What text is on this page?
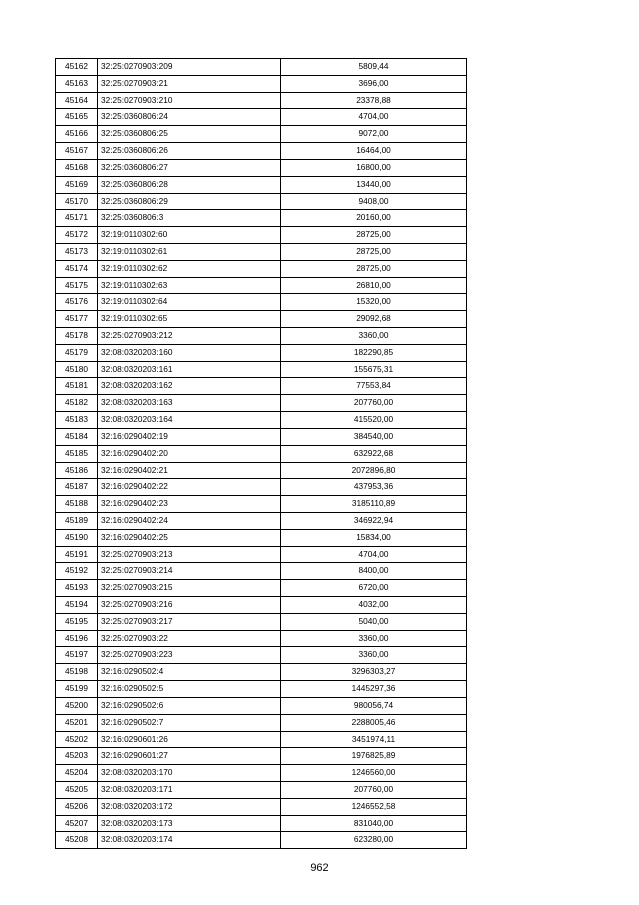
45162	32:25:0270903:209	5809,44
45163	32:25:0270903:21	3696,00
45164	32:25:0270903:210	23378,88
45165	32:25:0360806:24	4704,00
45166	32:25:0360806:25	9072,00
45167	32:25:0360806:26	16464,00
45168	32:25:0360806:27	16800,00
45169	32:25:0360806:28	13440,00
45170	32:25:0360806:29	9408,00
45171	32:25:0360806:3	20160,00
45172	32:19:0110302:60	28725,00
45173	32:19:0110302:61	28725,00
45174	32:19:0110302:62	28725,00
45175	32:19:0110302:63	26810,00
45176	32:19:0110302:64	15320,00
45177	32:19:0110302:65	29092,68
45178	32:25:0270903:212	3360,00
45179	32:08:0320203:160	182290,85
45180	32:08:0320203:161	155675,31
45181	32:08:0320203:162	77553,84
45182	32:08:0320203:163	207760,00
45183	32:08:0320203:164	415520,00
45184	32:16:0290402:19	384540,00
45185	32:16:0290402:20	632922,68
45186	32:16:0290402:21	2072896,80
45187	32:16:0290402:22	437953,36
45188	32:16:0290402:23	3185110,89
45189	32:16:0290402:24	346922,94
45190	32:16:0290402:25	15834,00
45191	32:25:0270903:213	4704,00
45192	32:25:0270903:214	8400,00
45193	32:25:0270903:215	6720,00
45194	32:25:0270903:216	4032,00
45195	32:25:0270903:217	5040,00
45196	32:25:0270903:22	3360,00
45197	32:25:0270903:223	3360,00
45198	32:16:0290502:4	3296303,27
45199	32:16:0290502:5	1445297,36
45200	32:16:0290502:6	980056,74
45201	32:16:0290502:7	2288005,46
45202	32:16:0290601:26	3451974,11
45203	32:16:0290601:27	1976825,89
45204	32:08:0320203:170	1246560,00
45205	32:08:0320203:171	207760,00
45206	32:08:0320203:172	1246552,58
45207	32:08:0320203:173	831040,00
45208	32:08:0320203:174	623280,00
962
